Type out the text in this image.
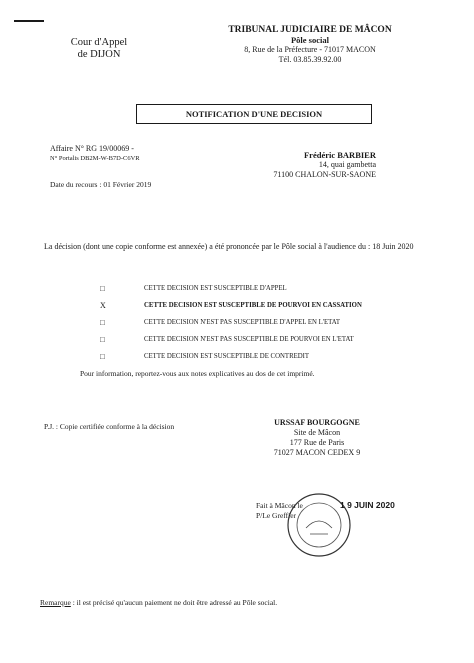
Cour d'Appel
de DIJON
TRIBUNAL JUDICIAIRE DE MÂCON
Pôle social
8, Rue de la Préfecture - 71017 MACON
Tél. 03.85.39.92.00
NOTIFICATION D'UNE DECISION
Affaire N° RG 19/00069 -
N° Portalis DB2M-W-B7D-C6VR
Date du recours : 01 Février 2019
Frédéric BARBIER
14, quai gambetta
71100 CHALON-SUR-SAONE
La décision (dont une copie conforme est annexée) a été prononcée par le Pôle social à l'audience du : 18 Juin 2020
□	CETTE DECISION EST SUSCEPTIBLE D'APPEL
X	CETTE DECISION EST SUSCEPTIBLE DE POURVOI EN CASSATION
□	CETTE DECISION N'EST PAS SUSCEPTIBLE D'APPEL EN L'ETAT
□	CETTE DECISION N'EST PAS SUSCEPTIBLE DE POURVOI EN L'ETAT
□	CETTE DECISION EST SUSCEPTIBLE DE CONTREDIT
Pour information, reportez-vous aux notes explicatives au dos de cet imprimé.
P.J. : Copie certifiée conforme à la décision	URSSAF BOURGOGNE
Site de Mâcon
177 Rue de Paris
71027 MACON CEDEX 9
Fait à Mâcon le
P/Le Greffier
1 9 JUIN 2020
Remarque : il est précisé qu'aucun paiement ne doit être adressé au Pôle social.
